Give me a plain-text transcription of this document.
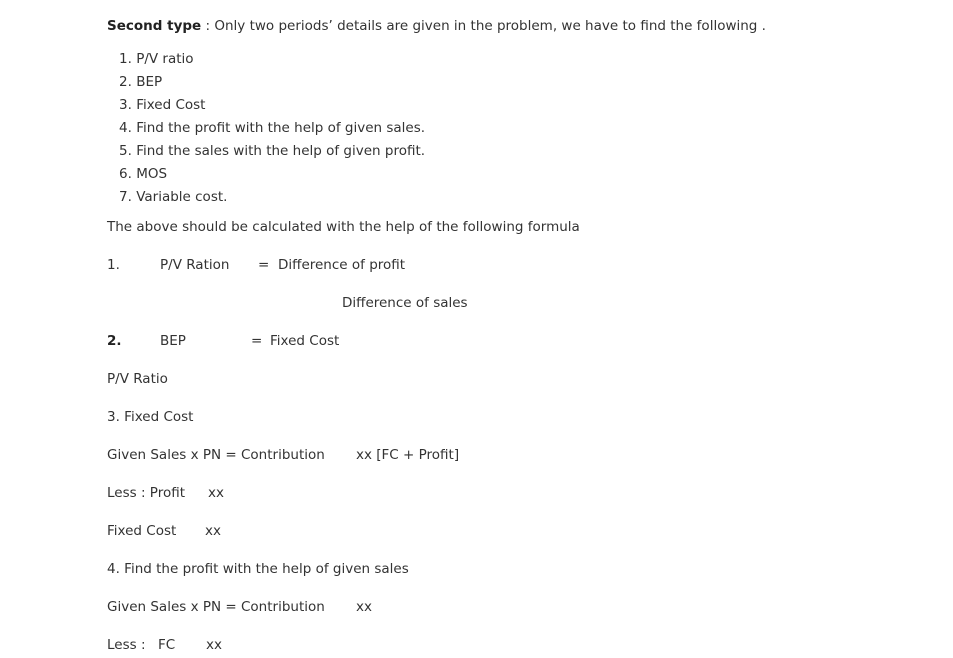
Second type : Only two periods’ details are given in the problem, we have to find the following .
1. P/V ratio
2. BEP
3. Fixed Cost
4. Find the profit with the help of given sales.
5. Find the sales with the help of given profit.
6. MOS
7. Variable cost.
The above should be calculated with the help of the following formula
1.	P/V Ration = Difference of profit
Difference of sales
2.	BEP	= Fixed Cost
P/V Ratio
3. Fixed Cost
Given Sales x PN = Contribution xx [FC + Profit]
Less : Profit xx
Fixed Cost xx
4. Find the profit with the help of given sales
Given Sales x PN = Contribution xx
Less : FC xx
